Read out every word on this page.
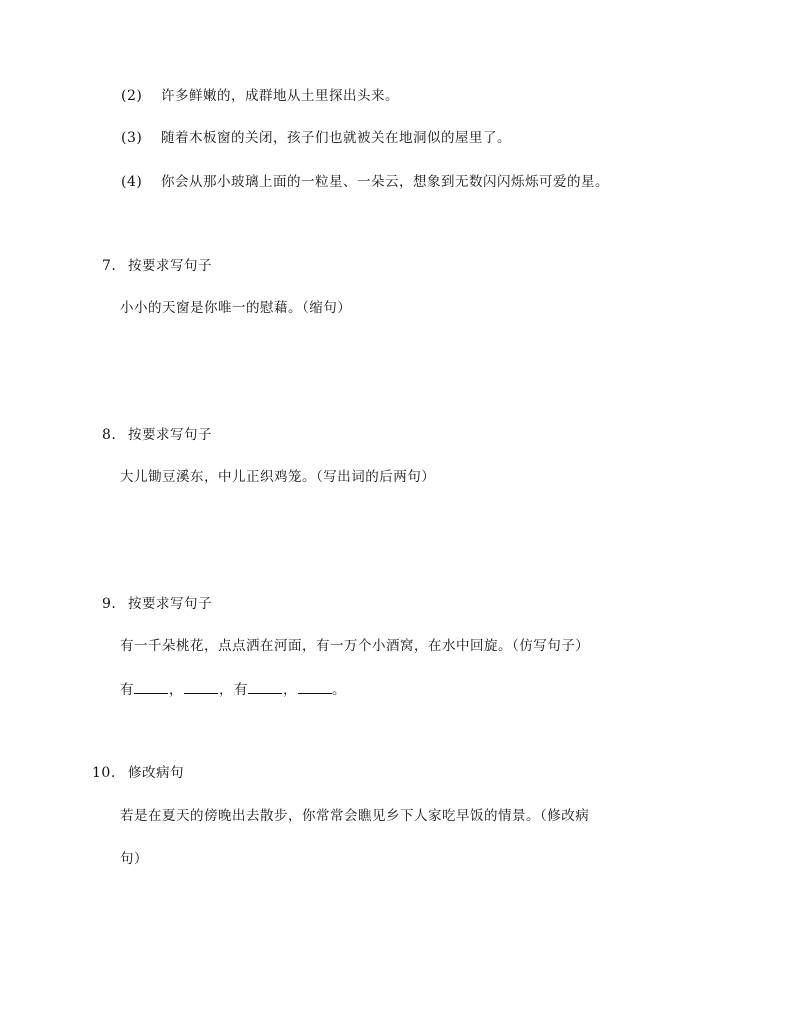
(2) 许多鲜嫩的，成群地从土里探出头来。
(3) 随着木板窗的关闭，孩子们也就被关在地洞似的屋里了。
(4) 你会从那小玻璃上面的一粒星、一朵云，想象到无数闪闪烁烁可爱的星。
7. 按要求写句子
小小的天窗是你唯一的慰藉。（缩句）
8. 按要求写句子
大儿锄豆溪东，中儿正织鸡笼。（写出词的后两句）
9. 按要求写句子
有一千朵桃花，点点洒在河面，有一万个小酒窝，在水中回旋。（仿写句子）
有	，	，有	，	。
10. 修改病句
若是在夏天的傍晚出去散步，你常常会瞧见乡下人家吃早饭的情景。（修改病
句）
